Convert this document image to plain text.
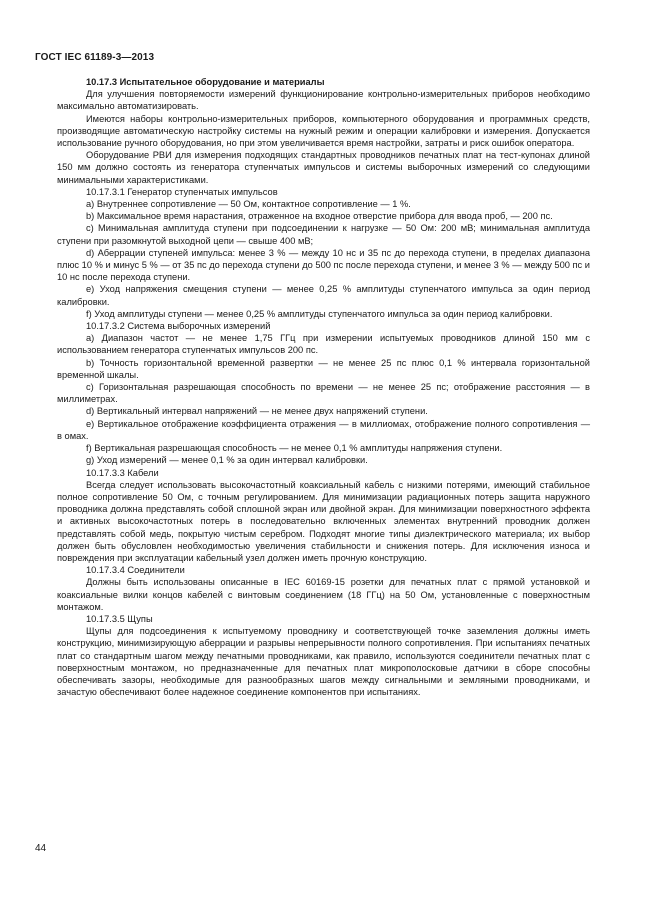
ГОСТ IEC 61189-3—2013

10.17.3 Испытательное оборудование и материалы

Для улучшения повторяемости измерений функционирование контрольно-измерительных приборов необходимо максимально автоматизировать.

Имеются наборы контрольно-измерительных приборов, компьютерного оборудования и программных средств, производящие автоматическую настройку системы на нужный режим и операции калибровки и измерения. Допускается использование ручного оборудования, но при этом увеличивается время настройки, затраты и риск ошибок оператора.

Оборудование РВИ для измерения подходящих стандартных проводников печатных плат на тест-купонах длиной 150 мм должно состоять из генератора ступенчатых импульсов и системы выборочных измерений со следующими минимальными характеристиками.

10.17.3.1 Генератор ступенчатых импульсов

a) Внутреннее сопротивление — 50 Ом, контактное сопротивление — 1 %.

b) Максимальное время нарастания, отраженное на входное отверстие прибора для ввода проб, — 200 пс.

c) Минимальная амплитуда ступени при подсоединении к нагрузке — 50 Ом: 200 мВ; минимальная амплитуда ступени при разомкнутой выходной цепи — свыше 400 мВ;

d) Аберрации ступеней импульса: менее 3 % — между 10 нс и 35 пс до перехода ступени, в пределах диапазона плюс 10 % и минус 5 % — от 35 пс до перехода ступени до 500 пс после перехода ступени, и менее 3 % — между 500 пс и 10 нс после перехода ступени.

e) Уход напряжения смещения ступени — менее 0,25 % амплитуды ступенчатого импульса за один период калибровки.

f) Уход амплитуды ступени — менее 0,25 % амплитуды ступенчатого импульса за один период калибровки.

10.17.3.2 Система выборочных измерений

a) Диапазон частот — не менее 1,75 ГГц при измерении испытуемых проводников длиной 150 мм с использованием генератора ступенчатых импульсов 200 пс.

b) Точность горизонтальной временной развертки — не менее 25 пс плюс 0,1 % интервала горизонтальной временной шкалы.

c) Горизонтальная разрешающая способность по времени — не менее 25 пс; отображение расстояния — в миллиметрах.

d) Вертикальный интервал напряжений — не менее двух напряжений ступени.

e) Вертикальное отображение коэффициента отражения — в миллиомах, отображение полного сопротивления — в омах.

f) Вертикальная разрешающая способность — не менее 0,1 % амплитуды напряжения ступени.

g) Уход измерений — менее 0,1 % за один интервал калибровки.

10.17.3.3 Кабели

Всегда следует использовать высокочастотный коаксиальный кабель с низкими потерями, имеющий стабильное полное сопротивление 50 Ом, с точным регулированием. Для минимизации радиационных потерь защита наружного проводника должна представлять собой сплошной экран или двойной экран. Для минимизации поверхностного эффекта и активных высокочастотных потерь в последовательно включенных элементах внутренний проводник должен представлять собой медь, покрытую чистым серебром. Подходят многие типы диэлектрического материала; их выбор должен быть обусловлен необходимостью увеличения стабильности и снижения потерь. Для исключения износа и повреждения при эксплуатации кабельный узел должен иметь прочную конструкцию.

10.17.3.4 Соединители

Должны быть использованы описанные в IEC 60169-15 розетки для печатных плат с прямой установкой и коаксиальные вилки концов кабелей с винтовым соединением (18 ГГц) на 50 Ом, установленные с поверхностным монтажом.

10.17.3.5 Щупы

Щупы для подсоединения к испытуемому проводнику и соответствующей точке заземления должны иметь конструкцию, минимизирующую аберрации и разрывы непрерывности полного сопротивления. При испытаниях печатных плат со стандартным шагом между печатными проводниками, как правило, используются соединители печатных плат с поверхностным монтажом, но предназначенные для печатных плат микрополосковые датчики в сборе способны обеспечивать зазоры, необходимые для разнообразных шагов между сигнальными и земляными проводниками, и зачастую обеспечивают более надежное соединение компонентов при испытаниях.

44
